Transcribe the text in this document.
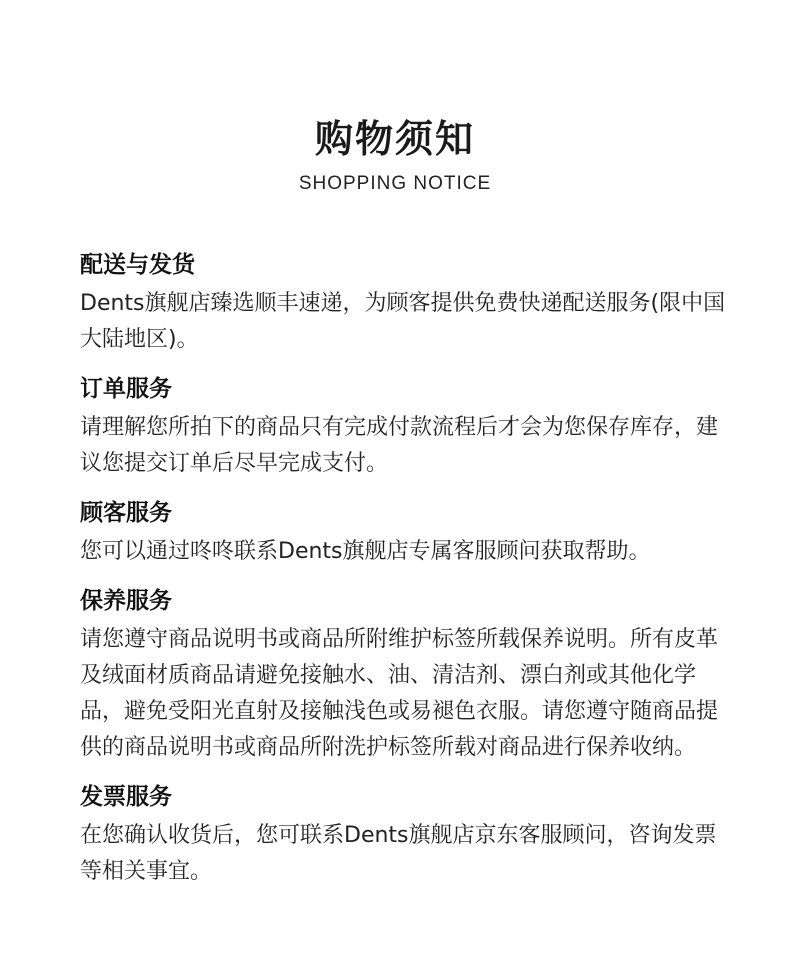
购物须知
SHOPPING NOTICE
配送与发货

Dents旗舰店臻选顺丰速递，为顾客提供免费快递配送服务(限中国大陆地区)。

订单服务

请理解您所拍下的商品只有完成付款流程后才会为您保存库存，建议您提交订单后尽早完成支付。

顾客服务

您可以通过咚咚联系Dents旗舰店专属客服顾问获取帮助。

保养服务

请您遵守商品说明书或商品所附维护标签所载保养说明。所有皮革及绒面材质商品请避免接触水、油、清洁剂、漂白剂或其他化学品，避免受阳光直射及接触浅色或易褪色衣服。请您遵守随商品提供的商品说明书或商品所附洗护标签所载对商品进行保养收纳。

发票服务

在您确认收货后，您可联系Dents旗舰店京东客服顾问，咨询发票等相关事宜。
